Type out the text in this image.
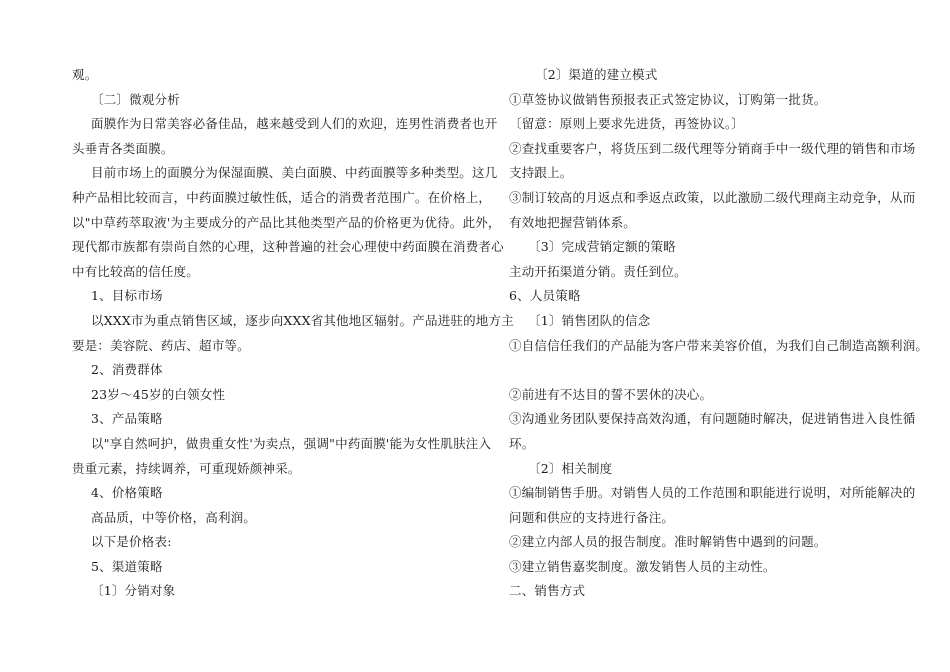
观。
〔二〕微观分析
面膜作为日常美容必备佳品，越来越受到人们的欢迎，连男性消费者也开
头垂青各类面膜。
目前市场上的面膜分为保湿面膜、美白面膜、中药面膜等多种类型。这几
种产品相比较而言，中药面膜过敏性低，适合的消费者范围广。在价格上，
以"中草药萃取液'为主要成分的产品比其他类型产品的价格更为优待。此外，
现代都市族都有崇尚自然的心理，这种普遍的社会心理使中药面膜在消费者心
中有比较高的信任度。
1、目标市场
以XXX市为重点销售区域，逐步向XXX省其他地区辐射。产品进驻的地方主
要是：美容院、药店、超市等。
2、消费群体
23岁～45岁的白领女性
3、产品策略
以"享自然呵护，做贵重女性'为卖点，强调"中药面膜'能为女性肌肤注入
贵重元素，持续调养，可重现娇颜神采。
4、价格策略
高品质，中等价格，高利润。
以下是价格表:
5、渠道策略
〔1〕分销对象
〔2〕渠道的建立模式
①草签协议做销售预报表正式签定协议，订购第一批货。
〔留意：原则上要求先进货，再签协议。〕
②查找重要客户，将货压到二级代理等分销商手中一级代理的销售和市场
支持跟上。
③制订较高的月返点和季返点政策，以此激励二级代理商主动竞争，从而
有效地把握营销体系。
〔3〕完成营销定额的策略
主动开拓渠道分销。责任到位。
6、人员策略
〔1〕销售团队的信念
①自信信任我们的产品能为客户带来美容价值，为我们自己制造高额利润。
②前进有不达目的誓不罢休的决心。
③沟通业务团队要保持高效沟通，有问题随时解决，促进销售进入良性循
环。
〔2〕相关制度
①编制销售手册。对销售人员的工作范围和职能进行说明，对所能解决的
问题和供应的支持进行备注。
②建立内部人员的报告制度。准时解销售中遇到的问题。
③建立销售嘉奖制度。激发销售人员的主动性。
二、销售方式
